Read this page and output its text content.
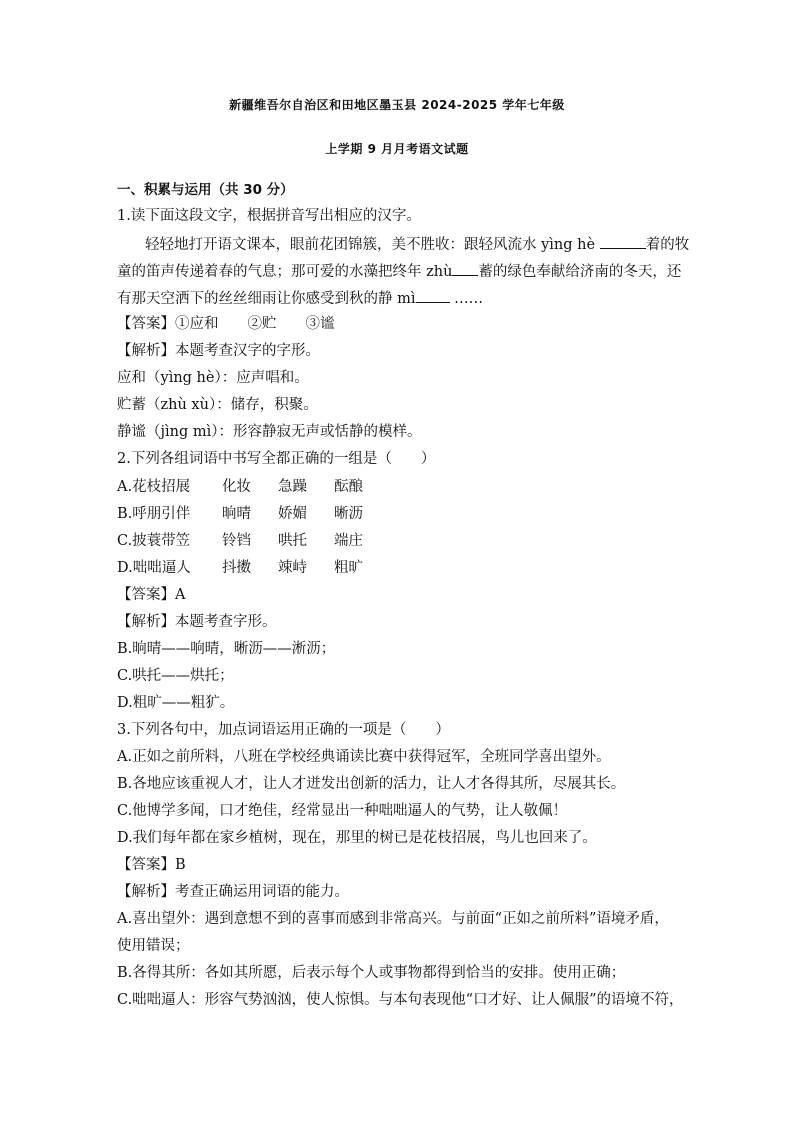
新疆维吾尔自治区和田地区墨玉县 2024-2025 学年七年级
上学期 9 月月考语文试题
一、积累与运用（共 30 分）
1.读下面这段文字，根据拼音写出相应的汉字。
轻轻地打开语文课本，眼前花团锦簇，美不胜收：跟轻风流水 yìng hè	着的牧
童的笛声传递着春的气息；那可爱的水藻把终年 zhù 蓄的绿色奉献给济南的冬天，还
有那天空洒下的丝丝细雨让你感受到秋的静 mì ……
【答案】①应和　　②贮　　③谧
【解析】本题考查汉字的字形。
应和（yìng hè）：应声唱和。
贮蓄（zhù xù）：储存，积聚。
静谧（jìng mì）：形容静寂无声或恬静的模样。
2.下列各组词语中书写全都正确的一组是（　　）
A.花枝招展 化妆 急躁 酝酿
B.呼朋引伴 晌晴 娇媚 晰沥
C.披蓑带笠 铃铛 哄托 端庄
D.咄咄逼人 抖擞 竦峙 粗旷
【答案】A
【解析】本题考查字形。
B.晌晴——响晴，晰沥——淅沥；
C.哄托——烘托；
D.粗旷——粗犷。
3.下列各句中，加点词语运用正确的一项是（　　）
A.正如之前所料，八班在学校经典诵读比赛中获得冠军，全班同学喜出望外。
B.各地应该重视人才，让人才迸发出创新的活力，让人才各得其所，尽展其长。
C.他博学多闻，口才绝佳，经常显出一种咄咄逼人的气势，让人敬佩！
D.我们每年都在家乡植树，现在，那里的树已是花枝招展，鸟儿也回来了。
【答案】B
【解析】考查正确运用词语的能力。
A.喜出望外：遇到意想不到的喜事而感到非常高兴。与前面“正如之前所料”语境矛盾，
使用错误；
B.各得其所：各如其所愿，后表示每个人或事物都得到恰当的安排。使用正确；
C.咄咄逼人：形容气势汹汹，使人惊惧。与本句表现他“口才好、让人佩服”的语境不符，
